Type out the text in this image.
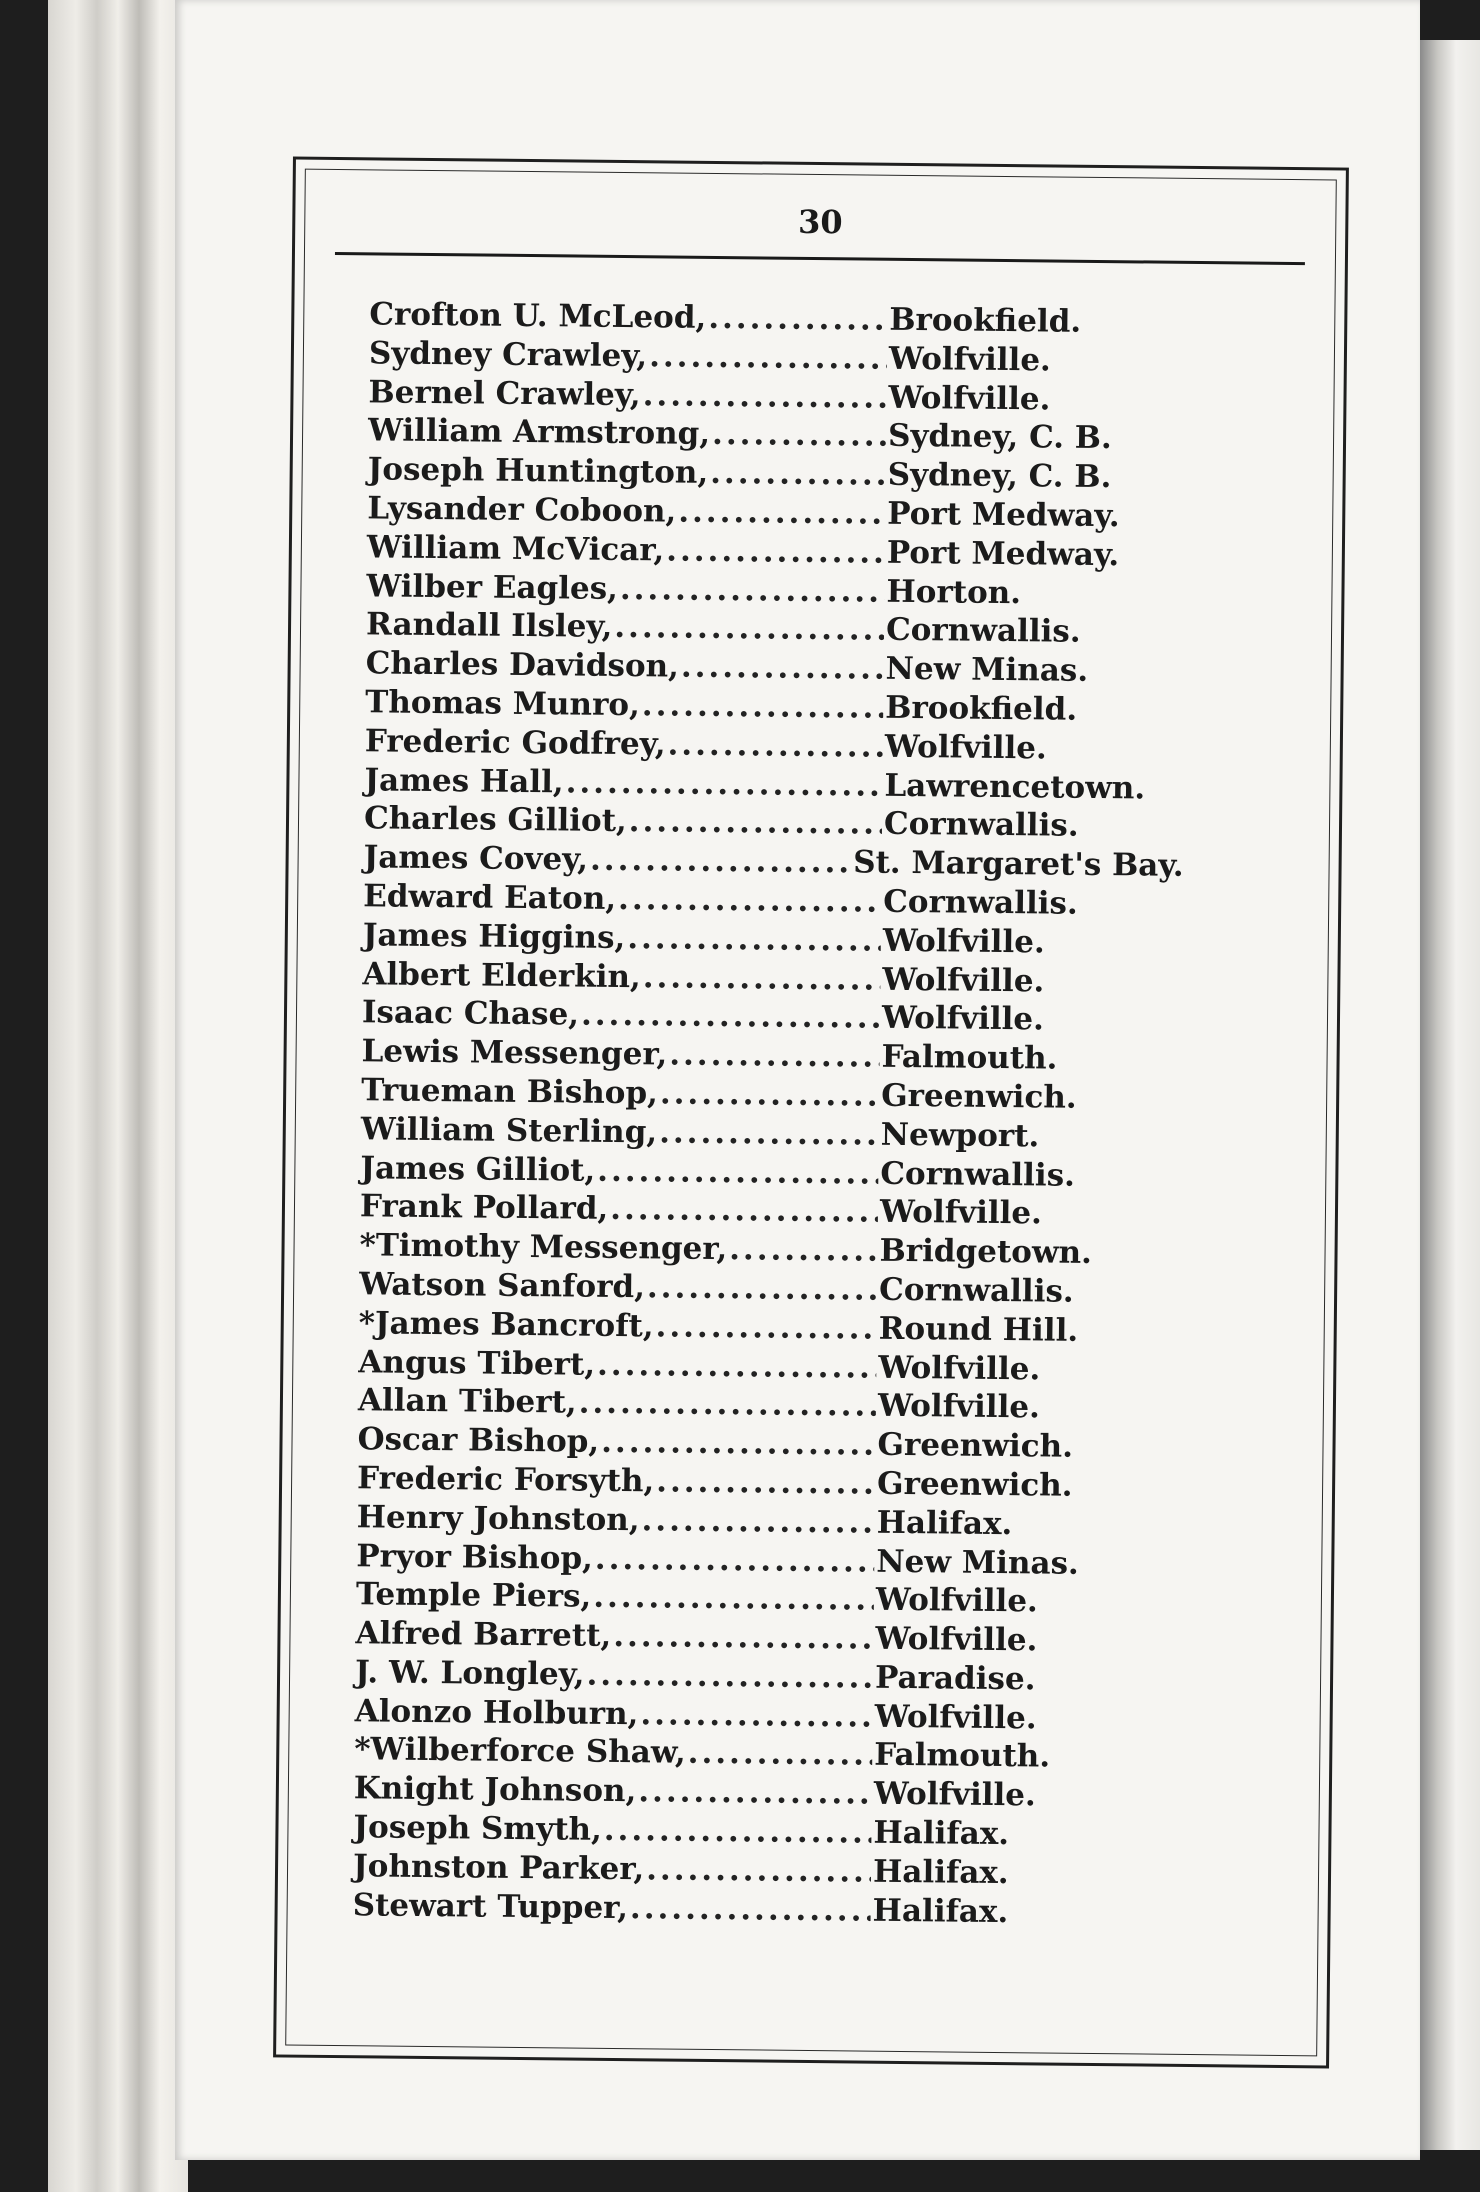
30
Crofton U. McLeod, .....	Brookfield.
Sydney Crawley, .....	Wolfville.
Bernel Crawley, .....	Wolfville.
William Armstrong, .....	Sydney, C. B.
Joseph Huntington, .....	Sydney, C. B.
Lysander Coboon, .....	Port Medway.
William McVicar, .....	Port Medway.
Wilber Eagles, .....	Horton.
Randall Ilsley, .....	Cornwallis.
Charles Davidson, .....	New Minas.
Thomas Munro, .....	Brookfield.
Frederic Godfrey, .....	Wolfville.
James Hall, .....	Lawrencetown.
Charles Gilliot, .....	Cornwallis.
James Covey, .....	St. Margaret's Bay.
Edward Eaton, .....	Cornwallis.
James Higgins, .....	Wolfville.
Albert Elderkin, .....	Wolfville.
Isaac Chase, .....	Wolfville.
Lewis Messenger, .....	Falmouth.
Trueman Bishop, .....	Greenwich.
William Sterling, .....	Newport.
James Gilliot, .....	Cornwallis.
Frank Pollard, .....	Wolfville.
*Timothy Messenger, .....	Bridgetown.
Watson Sanford, .....	Cornwallis.
*James Bancroft, .....	Round Hill.
Angus Tibert, .....	Wolfville.
Allan Tibert, .....	Wolfville.
Oscar Bishop, .....	Greenwich.
Frederic Forsyth, .....	Greenwich.
Henry Johnston, .....	Halifax.
Pryor Bishop, .....	New Minas.
Temple Piers, .....	Wolfville.
Alfred Barrett, .....	Wolfville.
J. W. Longley, .....	Paradise.
Alonzo Holburn, .....	Wolfville.
*Wilberforce Shaw, .....	Falmouth.
Knight Johnson, .....	Wolfville.
Joseph Smyth, .....	Halifax.
Johnston Parker, .....	Halifax.
Stewart Tupper, .....	Halifax.
